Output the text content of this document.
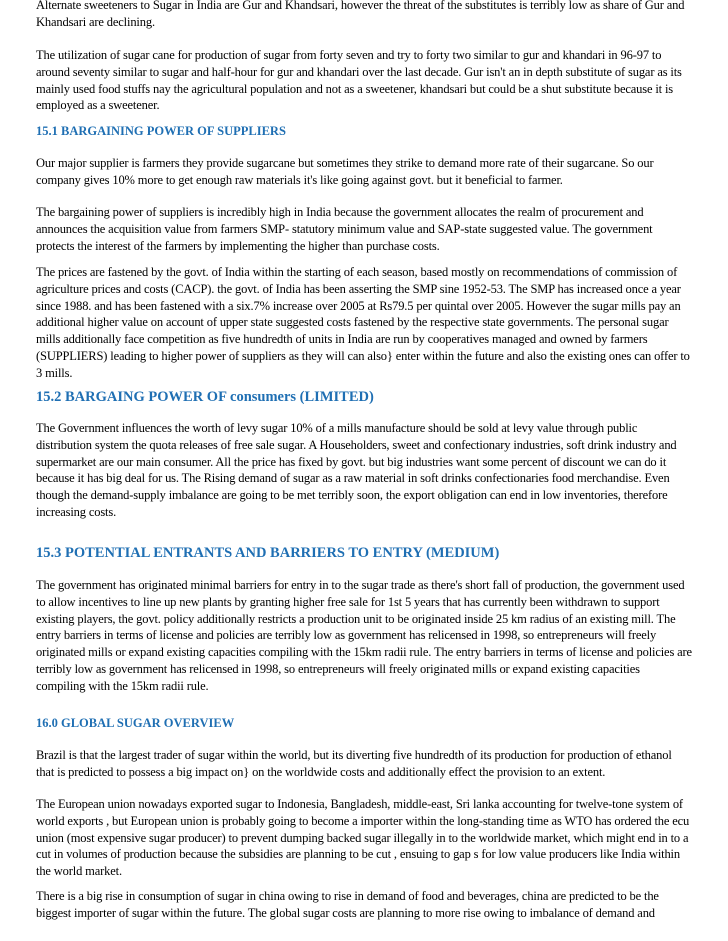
Alternate sweeteners to Sugar in India are Gur and Khandsari, however the threat of the substitutes is terribly low as share of Gur and Khandsari are declining.

The utilization of sugar cane for production of sugar from forty seven and try to forty two similar to gur and khandari in 96-97 to around seventy similar to sugar and half-hour for gur and khandari over the last decade. Gur isn't an in depth substitute of sugar as its mainly used food stuffs nay the agricultural population and not as a sweetener, khandsari but could be a shut substitute because it is employed as a sweetener.

15.1 BARGAINING POWER OF SUPPLIERS

Our major supplier is farmers they provide sugarcane but sometimes they strike to demand more rate of their sugarcane. So our company gives 10% more to get enough raw materials it's like going against govt. but it beneficial to farmer.

The bargaining power of suppliers is incredibly high in India because the government allocates the realm of procurement and announces the acquisition value from farmers SMP- statutory minimum value and SAP-state suggested value. The government protects the interest of the farmers by implementing the higher than purchase costs.

The prices are fastened by the govt. of India within the starting of each season, based mostly on recommendations of commission of agriculture prices and costs (CACP). the govt. of India has been asserting the SMP sine 1952-53. The SMP has increased once a year since 1988. and has been fastened with a six.7% increase over 2005 at Rs79.5 per quintal over 2005. However the sugar mills pay an additional higher value on account of upper state suggested costs fastened by the respective state governments. The personal sugar mills additionally face competition as five hundredth of units in India are run by cooperatives managed and owned by farmers (SUPPLIERS) leading to higher power of suppliers as they will can also} enter within the future and also the existing ones can offer to 3 mills.

15.2 BARGAING POWER OF consumers (LIMITED)

The Government influences the worth of levy sugar 10% of a mills manufacture should be sold at levy value through public distribution system the quota releases of free sale sugar. A Householders, sweet and confectionary industries, soft drink industry and supermarket are our main consumer. All the price has fixed by govt. but big industries want some percent of discount we can do it because it has big deal for us. The Rising demand of sugar as a raw material in soft drinks confectionaries food merchandise. Even though the demand-supply imbalance are going to be met terribly soon, the export obligation can end in low inventories, therefore increasing costs.

15.3 POTENTIAL ENTRANTS AND BARRIERS TO ENTRY (MEDIUM)

The government has originated minimal barriers for entry in to the sugar trade as there's short fall of production, the government used to allow incentives to line up new plants by granting higher free sale for 1st 5 years that has currently been withdrawn to support existing players, the govt. policy additionally restricts a production unit to be originated inside 25 km radius of an existing mill. The entry barriers in terms of license and policies are terribly low as government has relicensed in 1998, so entrepreneurs will freely originated mills or expand existing capacities compiling with the 15km radii rule. The entry barriers in terms of license and policies are terribly low as government has relicensed in 1998, so entrepreneurs will freely originated mills or expand existing capacities compiling with the 15km radii rule.

16.0 GLOBAL SUGAR OVERVIEW

Brazil is that the largest trader of sugar within the world, but its diverting five hundredth of its production for production of ethanol that is predicted to possess a big impact on} on the worldwide costs and additionally effect the provision to an extent.

The European union nowadays exported sugar to Indonesia, Bangladesh, middle-east, Sri lanka accounting for twelve-tone system of world exports , but European union is probably going to become a importer within the long-standing time as WTO has ordered the ecu union (most expensive sugar producer) to prevent dumping backed sugar illegally in to the worldwide market, which might end in to a cut in volumes of production because the subsidies are planning to be cut , ensuing to gap s for low value producers like India within the world market.

There is a big rise in consumption of sugar in china owing to rise in demand of food and beverages, china are predicted to be the biggest importer of sugar within the future. The global sugar costs are planning to more rise owing to imbalance of demand and
